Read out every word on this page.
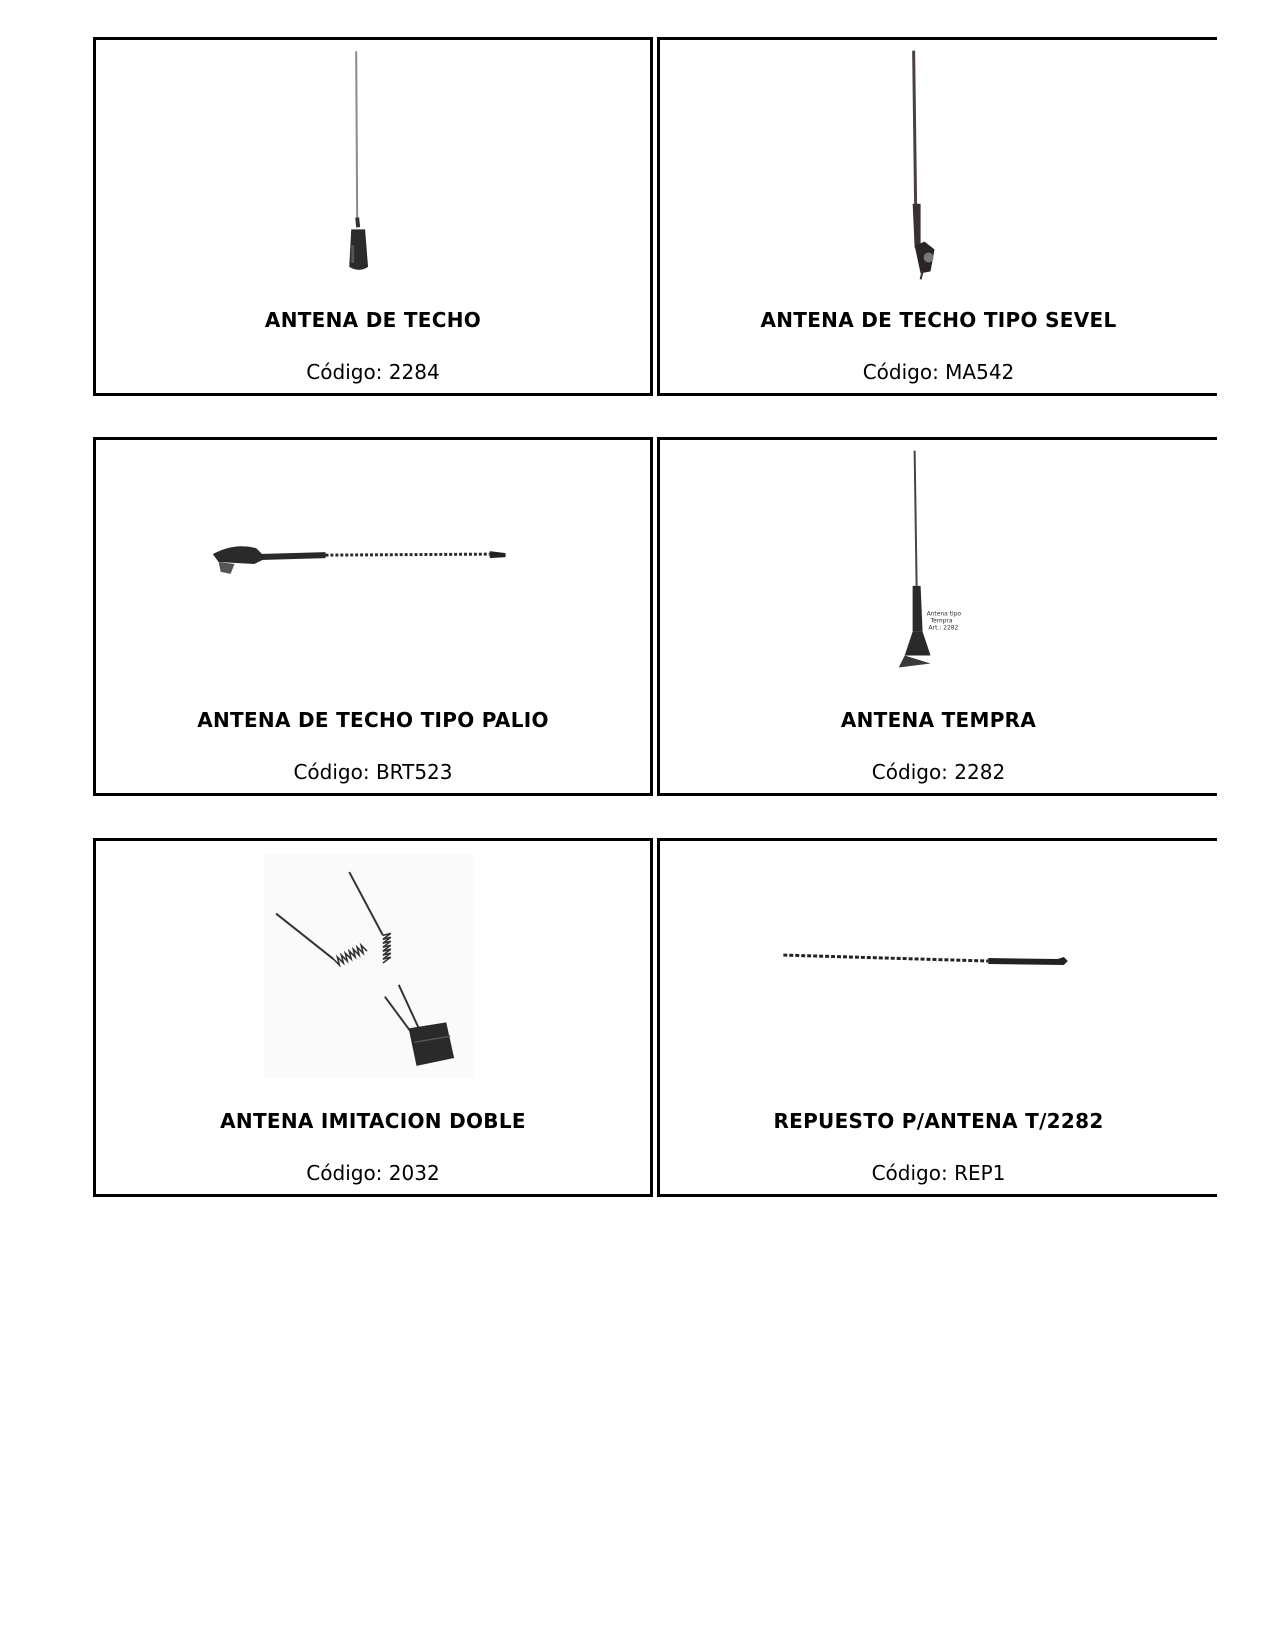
ANTENA DE TECHO
Código: 2284
ANTENA DE TECHO TIPO SEVEL
Código: MA542
ANTENA DE TECHO TIPO PALIO
Código: BRT523
Antena tipo
Tempra
Art.: 2282
ANTENA TEMPRA
Código: 2282
ANTENA IMITACION DOBLE
Código: 2032
REPUESTO P/ANTENA T/2282
Código: REP1
